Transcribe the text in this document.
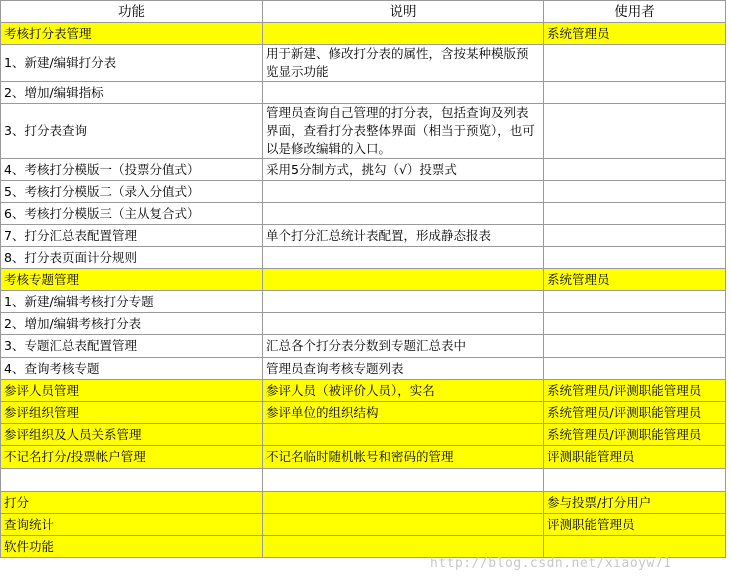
功能	说明	使用者
考核打分表管理		系统管理员
1、新建/编辑打分表	用于新建、修改打分表的属性，含按某种模版预览显示功能	
2、增加/编辑指标		
3、打分表查询	管理员查询自己管理的打分表，包括查询及列表界面，查看打分表整体界面（相当于预览），也可以是修改编辑的入口。	
4、考核打分模版一（投票分值式）	采用5分制方式，挑勾（√）投票式	
5、考核打分模版二（录入分值式）		
6、考核打分模版三（主从复合式）		
7、打分汇总表配置管理	单个打分汇总统计表配置，形成静态报表	
8、打分表页面计分规则		
考核专题管理		系统管理员
1、新建/编辑考核打分专题		
2、增加/编辑考核打分表		
3、专题汇总表配置管理	汇总各个打分表分数到专题汇总表中	
4、查询考核专题	管理员查询考核专题列表	
参评人员管理	参评人员（被评价人员），实名	系统管理员/评测职能管理员
参评组织管理	参评单位的组织结构	系统管理员/评测职能管理员
参评组织及人员关系管理		系统管理员/评测职能管理员
不记名打分/投票帐户管理	不记名临时随机帐号和密码的管理	评测职能管理员

打分		参与投票/打分用户
查询统计		评测职能管理员
软件功能		
http://blog.csdn.net/xiaoyw71
